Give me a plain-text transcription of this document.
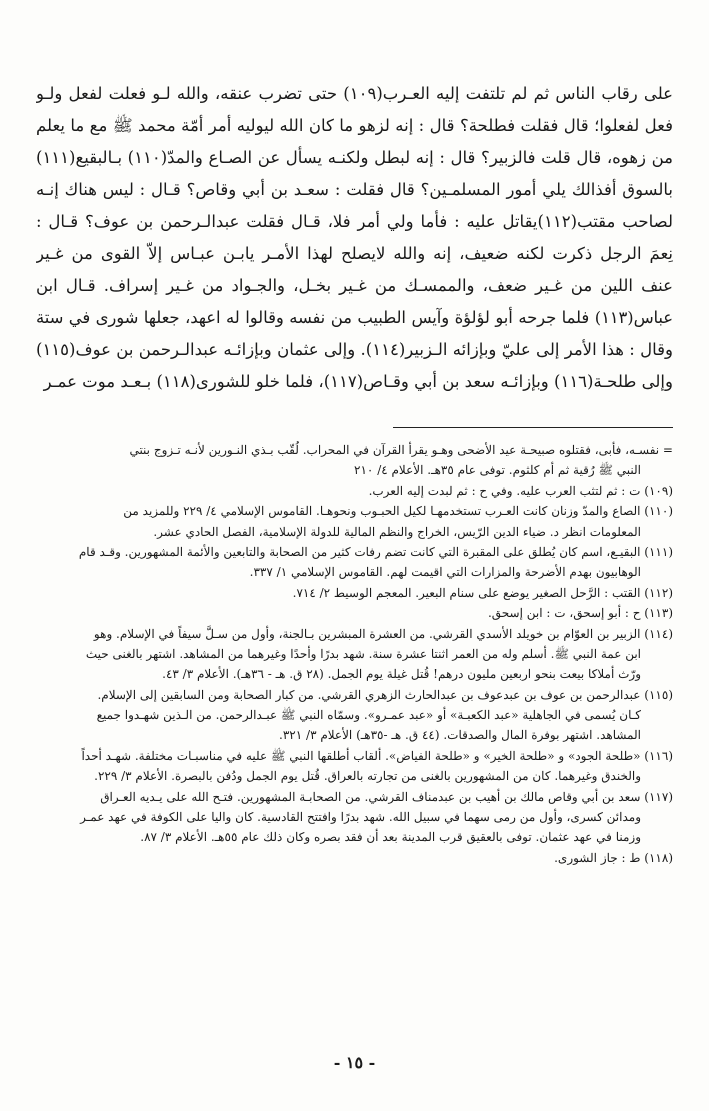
على رقاب الناس ثم لم تلتفت إليه العـرب(١٠٩) حتى تضرب عنقه، والله لـو فعلت لفعل ولـو
فعل لفعلوا؛ قال فقلت فطلحة؟ قال : إنه لزهو ما كان الله ليوليه أمر أمّة محمد ﷺ مع ما يعلم
من زهوه، قال قلت فالزبير؟ قال : إنه لبطل ولكنـه يسأل عن الصـاع والمدّ(١١٠) بـالبقيع(١١١)
بالسوق أفذالك يلي أمور المسلمـين؟ قال فقلت : سعـد بن أبي وقاص؟ قـال : ليس هناك إنـه
لصاحب مقتب(١١٢)يقاتل عليه : فأما ولي أمر فلا، قـال فقلت عبدالـرحمن بن عوف؟ قـال :
نِعمَ الرجل ذكرت لكنه ضعيف، إنه والله لايصلح لهذا الأمـر يابـن عبـاس إلاّ القوى من غـير
عنف اللين من غـير ضعف، والممسـك من غـير بخـل، والجـواد من غـير إسراف. قـال ابن
عباس(١١٣) فلما جرحه أبو لؤلؤة وآيس الطبيب من نفسه وقالوا له اعهد، جعلها شورى في ستة
وقال : هذا الأمر إلى عليّ وبإزائه الـزبير(١١٤). وإلى عثمان وبإزائـه عبدالـرحمن بن عوف(١١٥)
وإلى طلحـة(١١٦) وبإزائـه سعد بن أبي وقـاص(١١٧)، فلما خلو للشورى(١١٨) بـعـد موت عمـر
= نفسـه، فأبى، فقتلوه صبيحـة عيد الأضحى وهـو يقرأ القرآن في المحراب. لُقّب بـذي النـورين لأنـه تـزوج بنتي
النبي ﷺ رُقية ثم أم كلثوم. توفى عام ٣٥هـ. الأعلام ٤/ ٢١٠
(١٠٩) ت : ثم لتثب العرب عليه. وفي ح : ثم لبدت إليه العرب.
(١١٠) الصاع والمدّ وزنان كانت العـرب تستخدمهـا لكيل الحبـوب ونحوهـا. القاموس الإسلامي ٤/ ٢٢٩ وللمزيد من
المعلومات انظر د. ضياء الدين الرّيس، الخراج والنظم المالية للدولة الإسلامية، الفصل الحادي عشر.
(١١١) البقيـع، اسم كان يُطلق على المقبرة التي كانت تضم رفات كثير من الصحابة والتابعين والأئمة المشهورين. وقـد قام
الوهابيون بهدم الأضرحة والمزارات التي اقيمت لهم. القاموس الإسلامي ١/ ٣٣٧.
(١١٢) القتب : الرَّحل الصغير يوضع على سنام البعير. المعجم الوسيط ٢/ ٧١٤.
(١١٣) ح : أبو إسحق، ت : ابن إسحق.
(١١٤) الزبير بن العوّام بن خويلد الأسدي القرشي. من العشرة المبشرين بـالجنة، وأول من سـلَّ سيفاً في الإسلام. وهو
ابن عمة النبي ﷺ. أسلم وله من العمر اثنتا عشرة سنة. شهد بدرًا وأحدًا وغيرهما من المشاهد. اشتهر بالغنى حيث
ورّث أملاكا بيعت بنحو اربعين مليون درهم! قُتل غيلة يوم الجمل. (٢٨ ق. هـ - ٣٦هـ). الأعلام ٣/ ٤٣.
(١١٥) عبدالرحمن بن عوف بن عبدعوف بن عبدالحارث الزهري القرشي. من كبار الصحابة ومن السابقين إلى الإسلام.
كـان يُسمى في الجاهلية «عبد الكعبـة» أو «عبد عمـرو». وسمّاه النبي ﷺ عبـدالرحمن. من الـذين شهـدوا جميع
المشاهد. اشتهر بوفرة المال والصدقات. (٤٤ ق. هـ -٣٥هـ) الأعلام ٣/ ٣٢١.
(١١٦) «طلحة الجود» و «طلحة الخير» و «طلحة الفياض». ألقاب أطلقها النبي ﷺ عليه في مناسبـات مختلفة. شهـد أحداً
والخندق وغيرهما. كان من المشهورين بالغنى من تجارته بالعراق. قُتل يوم الجمل ودُفن بالبصرة. الأعلام ٣/ ٢٢٩.
(١١٧) سعد بن أبي وقاص مالك بن أهيب بن عبدمناف القرشي. من الصحابـة المشهورين. فتـح الله على يـديه العـراق
ومدائن كسرى، وأول من رمى سهما في سبيل الله. شهد بدرًا وافتتح القادسية. كان واليا على الكوفة في عهد عمـر
وزمنا في عهد عثمان. توفى بالعقيق قرب المدينة بعد أن فقد بصره وكان ذلك عام ٥٥هـ. الأعلام ٣/ ٨٧.
(١١٨) ط : جاز الشورى.
- ١٥ -
